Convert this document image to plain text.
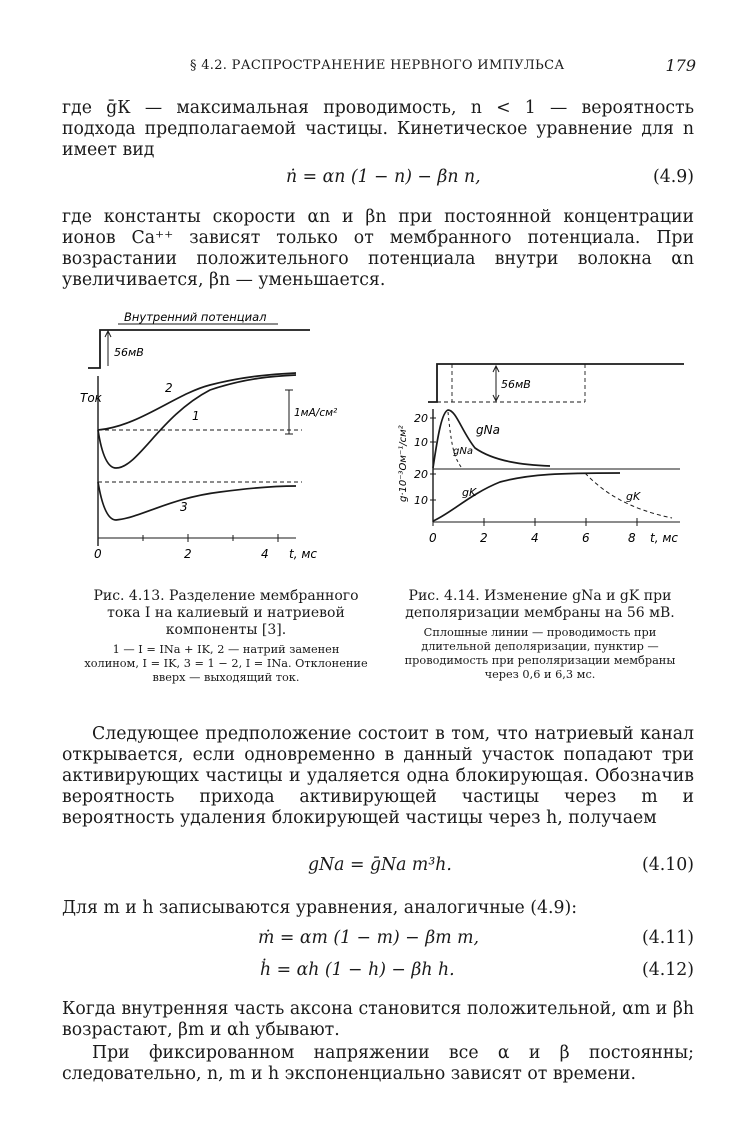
§ 4.2. РАСПРОСТРАНЕНИЕ НЕРВНОГО ИМПУЛЬСА	179

где ḡК — максимальная проводимость, n < 1 — вероятность подхода предполагаемой частицы. Кинетическое уравнение для n имеет вид

ṅ = αn (1 − n) − βn n,	(4.9)

где константы скорости αn и βn при постоянной концентрации ионов Ca⁺⁺ зависят только от мембранного потенциала. При возрастании положительного потенциала внутри волокна αn увеличивается, βn — уменьшается.

Внутренний потенциал
56мВ
Ток
2
1
3
1мА/см²
0	2	4 t, мс
56мВ
g·10⁻³Ом⁻¹/см²
20
10
20
10
gNa
gNa
gK	gK
0	2	4	6	8 t, мс

Рис. 4.13. Разделение мембранного тока I на калиевый и натриевой компоненты [3].

1 — I = INa + IK, 2 — натрий заменен холином, I = IK, 3 = 1 − 2, I = INa. Отклонение вверх — выходящий ток.

Рис. 4.14. Изменение gNa и gK при деполяризации мембраны на 56 мВ.

Сплошные линии — проводимость при длительной деполяризации, пунктир — проводимость при реполяризации мембраны через 0,6 и 6,3 мс.

Следующее предположение состоит в том, что натриевый канал открывается, если одновременно в данный участок попадают три активирующих частицы и удаляется одна блокирующая. Обозначив вероятность прихода активирующей частицы через m и вероятность удаления блокирующей частицы через h, получаем

gNa = ḡNa m³h.	(4.10)

Для m и h записываются уравнения, аналогичные (4.9):

ṁ = αm (1 − m) − βm m,	(4.11)
ḣ = αh (1 − h) − βh h.	(4.12)

Когда внутренняя часть аксона становится положительной, αm и βh возрастают, βm и αh убывают.

При фиксированном напряжении все α и β постоянны; следовательно, n, m и h экспоненциально зависят от времени.
